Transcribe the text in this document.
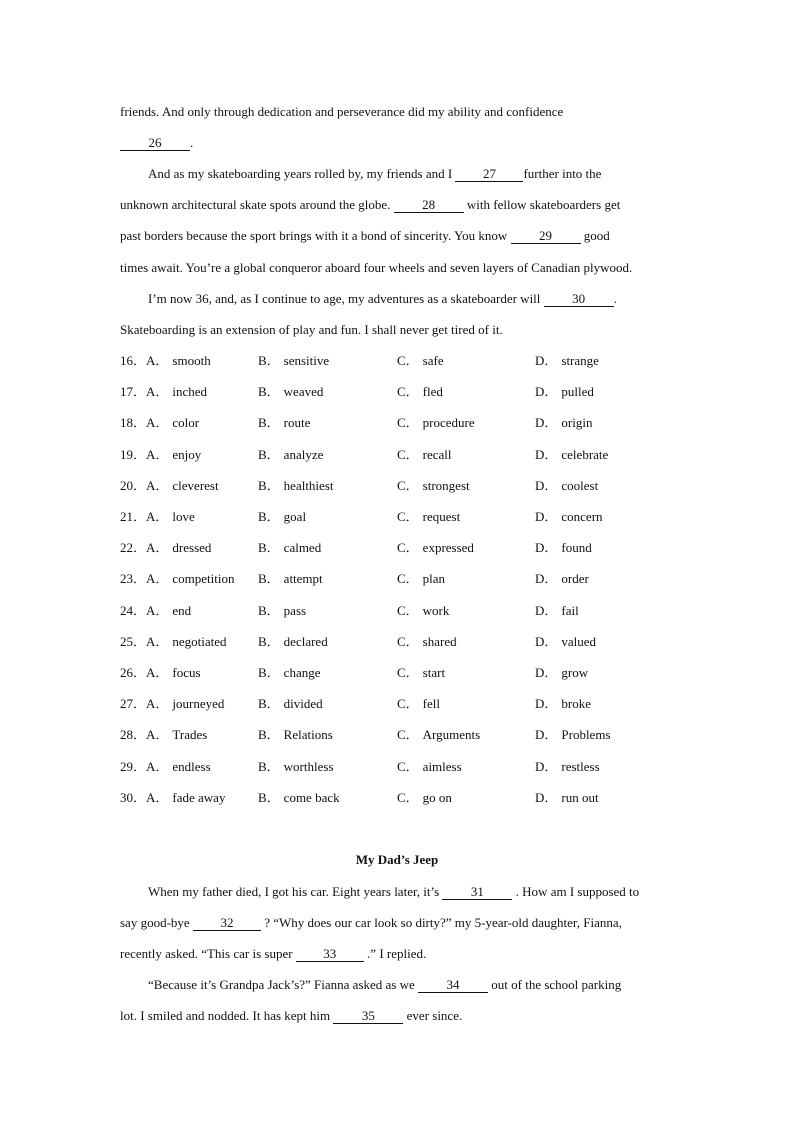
friends. And only through dedication and perseverance did my ability and confidence
26 .
And as my skateboarding years rolled by, my friends and I 27 further into the
unknown architectural skate spots around the globe. 28 with fellow skateboarders get
past borders because the sport brings with it a bond of sincerity. You know 29 good
times await. You’re a global conqueror aboard four wheels and seven layers of Canadian plywood.
I’m now 36, and, as I continue to age, my adventures as a skateboarder will 30 .
Skateboarding is an extension of play and fun. I shall never get tired of it.
16．A． smooth	B． sensitive	C． safe	D． strange
17．A． inched	B． weaved	C． fled	D． pulled
18．A． color	B． route	C． procedure	D． origin
19．A． enjoy	B． analyze	C． recall	D． celebrate
20．A． cleverest	B． healthiest	C． strongest	D． coolest
21．A． love	B． goal	C． request	D． concern
22．A． dressed	B． calmed	C． expressed	D． found
23．A． competition B． attempt	C． plan	D． order
24．A． end	B． pass	C． work	D． fail
25．A． negotiated B． declared	C． shared	D． valued
26．A． focus	B． change	C． start	D． grow
27．A． journeyed	B． divided	C． fell	D． broke
28．A． Trades	B． Relations	C． Arguments	D． Problems
29．A． endless	B． worthless	C． aimless	D． restless
30．A． fade away	B． come back	C． go on	D． run out
My Dad’s Jeep
When my father died, I got his car. Eight years later, it’s 31 . How am I supposed to
say good-bye 32 ? “Why does our car look so dirty?” my 5-year-old daughter, Fianna,
recently asked. “This car is super 33 .” I replied.
“Because it’s Grandpa Jack’s?” Fianna asked as we 34 out of the school parking
lot. I smiled and nodded. It has kept him 35 ever since.
